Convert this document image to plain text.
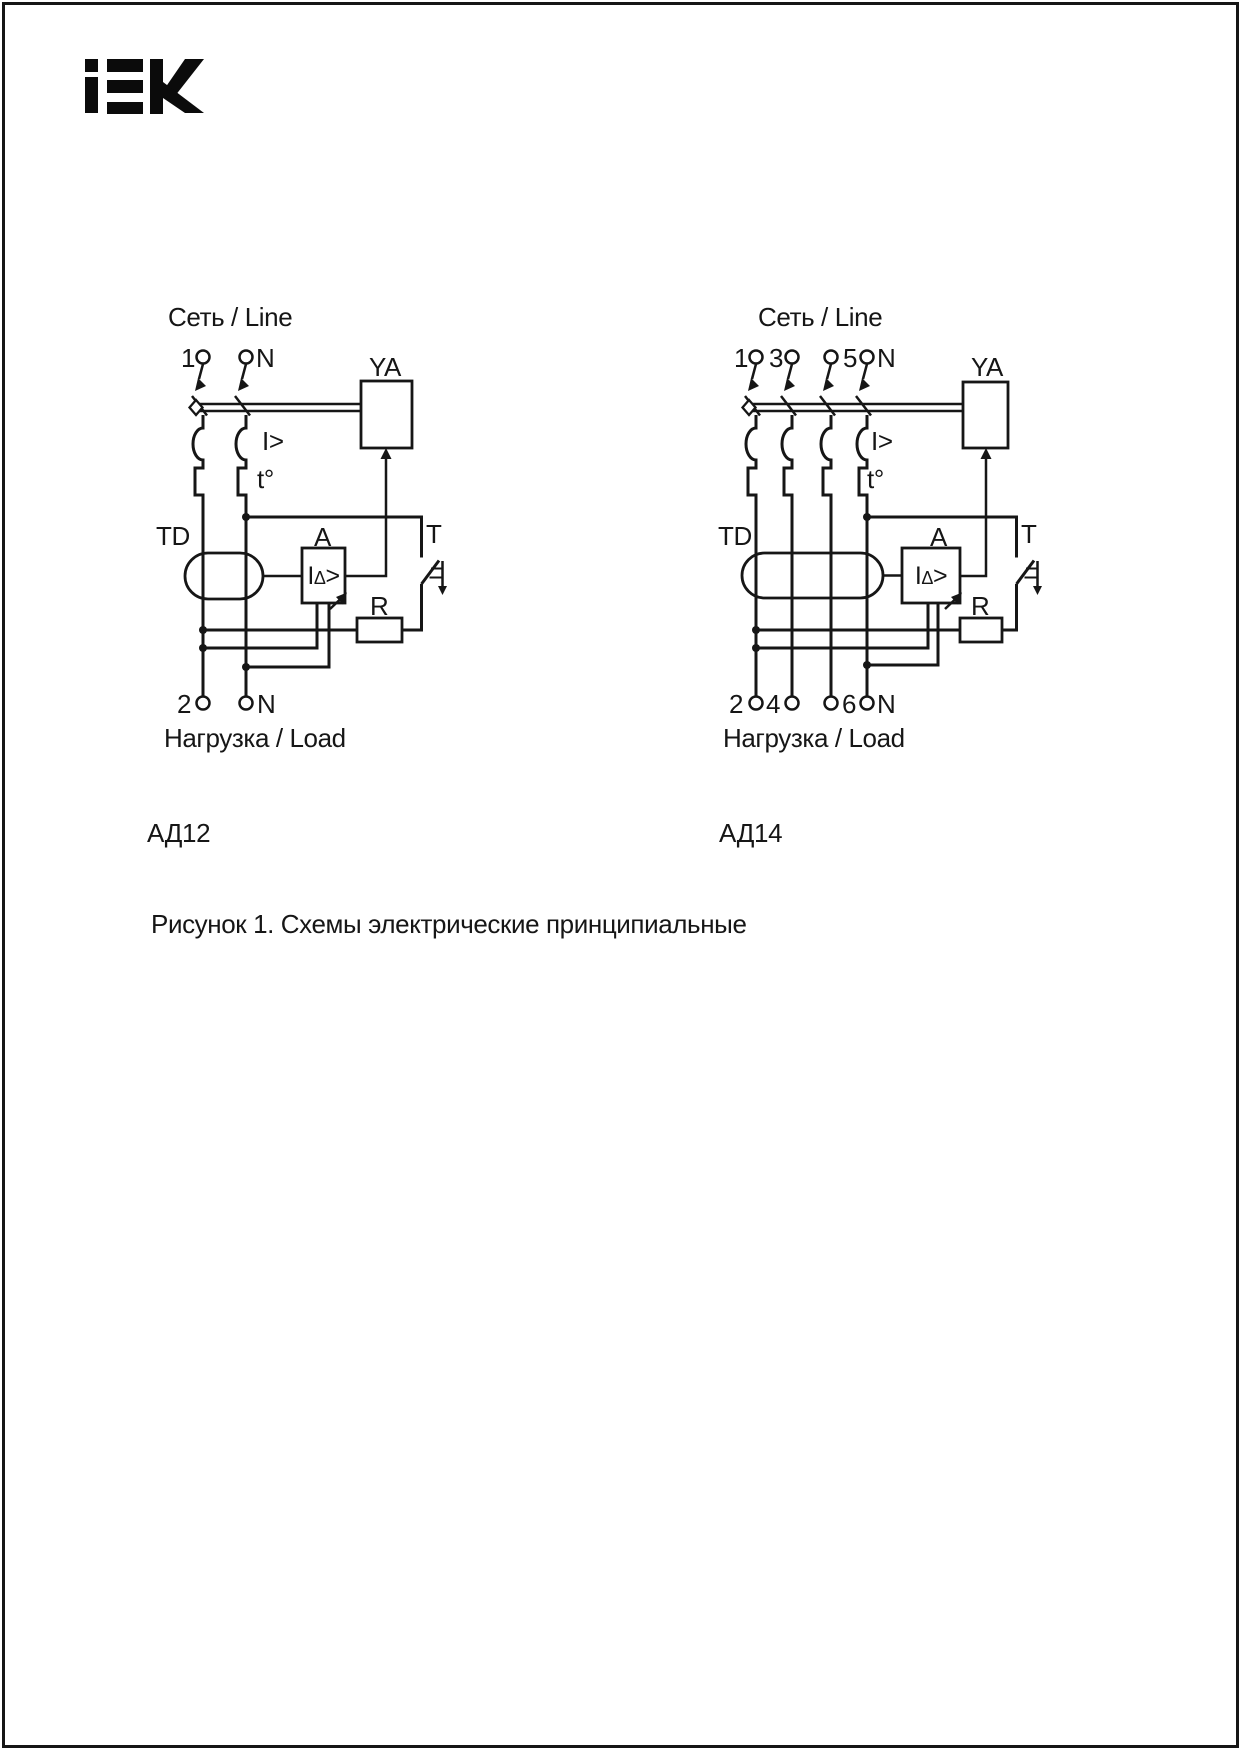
Сеть / Line
1 N	YA
I>
t°
TD	A
IΔ>
T
R
2	N
Нагрузка / Load
АД12
Сеть / Line
1 3 5 N	YA
I>
t°
TD	A
IΔ>
T
R
2 4 6 N
Нагрузка / Load
АД14
Рисунок 1. Схемы электрические принципиальные
